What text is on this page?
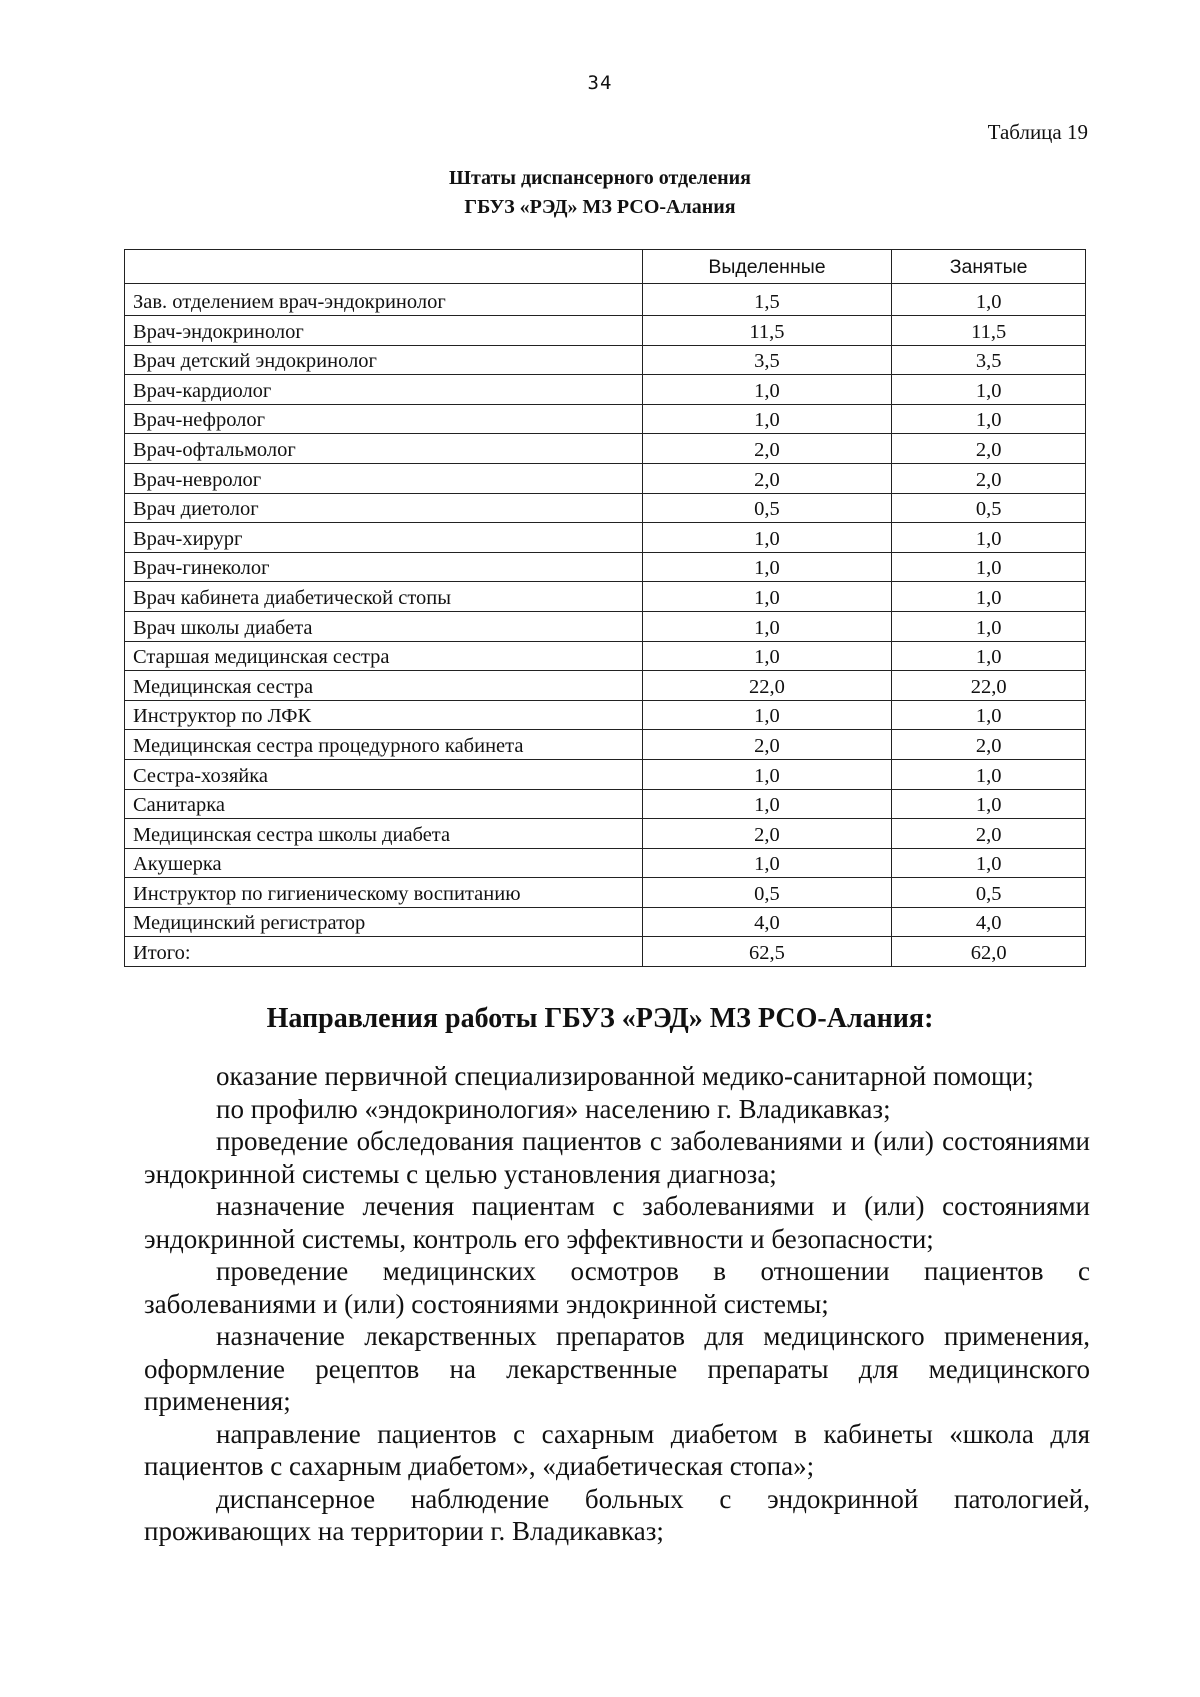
34
Таблица 19
Штаты диспансерного отделения
ГБУЗ «РЭД» МЗ РСО-Алания
	Выделенные	Занятые
Зав. отделением врач-эндокринолог	1,5	1,0
Врач-эндокринолог	11,5	11,5
Врач детский эндокринолог	3,5	3,5
Врач-кардиолог	1,0	1,0
Врач-нефролог	1,0	1,0
Врач-офтальмолог	2,0	2,0
Врач-невролог	2,0	2,0
Врач диетолог	0,5	0,5
Врач-хирург	1,0	1,0
Врач-гинеколог	1,0	1,0
Врач кабинета диабетической стопы	1,0	1,0
Врач школы диабета	1,0	1,0
Старшая медицинская сестра	1,0	1,0
Медицинская сестра	22,0	22,0
Инструктор по ЛФК	1,0	1,0
Медицинская сестра процедурного кабинета	2,0	2,0
Сестра-хозяйка	1,0	1,0
Санитарка	1,0	1,0
Медицинская сестра школы диабета	2,0	2,0
Акушерка	1,0	1,0
Инструктор по гигиеническому воспитанию	0,5	0,5
Медицинский регистратор	4,0	4,0
Итого:	62,5	62,0
Направления работы ГБУЗ «РЭД» МЗ РСО-Алания:

оказание первичной специализированной медико-санитарной помощи;

по профилю «эндокринология» населению г. Владикавказ;

проведение обследования пациентов с заболеваниями и (или) состояниями эндокринной системы с целью установления диагноза;

назначение лечения пациентам с заболеваниями и (или) состояниями эндокринной системы, контроль его эффективности и безопасности;

проведение медицинских осмотров в отношении пациентов с заболеваниями и (или) состояниями эндокринной системы;

назначение лекарственных препаратов для медицинского применения, оформление рецептов на лекарственные препараты для медицинского применения;

направление пациентов с сахарным диабетом в кабинеты «школа для пациентов с сахарным диабетом», «диабетическая стопа»;

диспансерное наблюдение больных с эндокринной патологией, проживающих на территории г. Владикавказ;
